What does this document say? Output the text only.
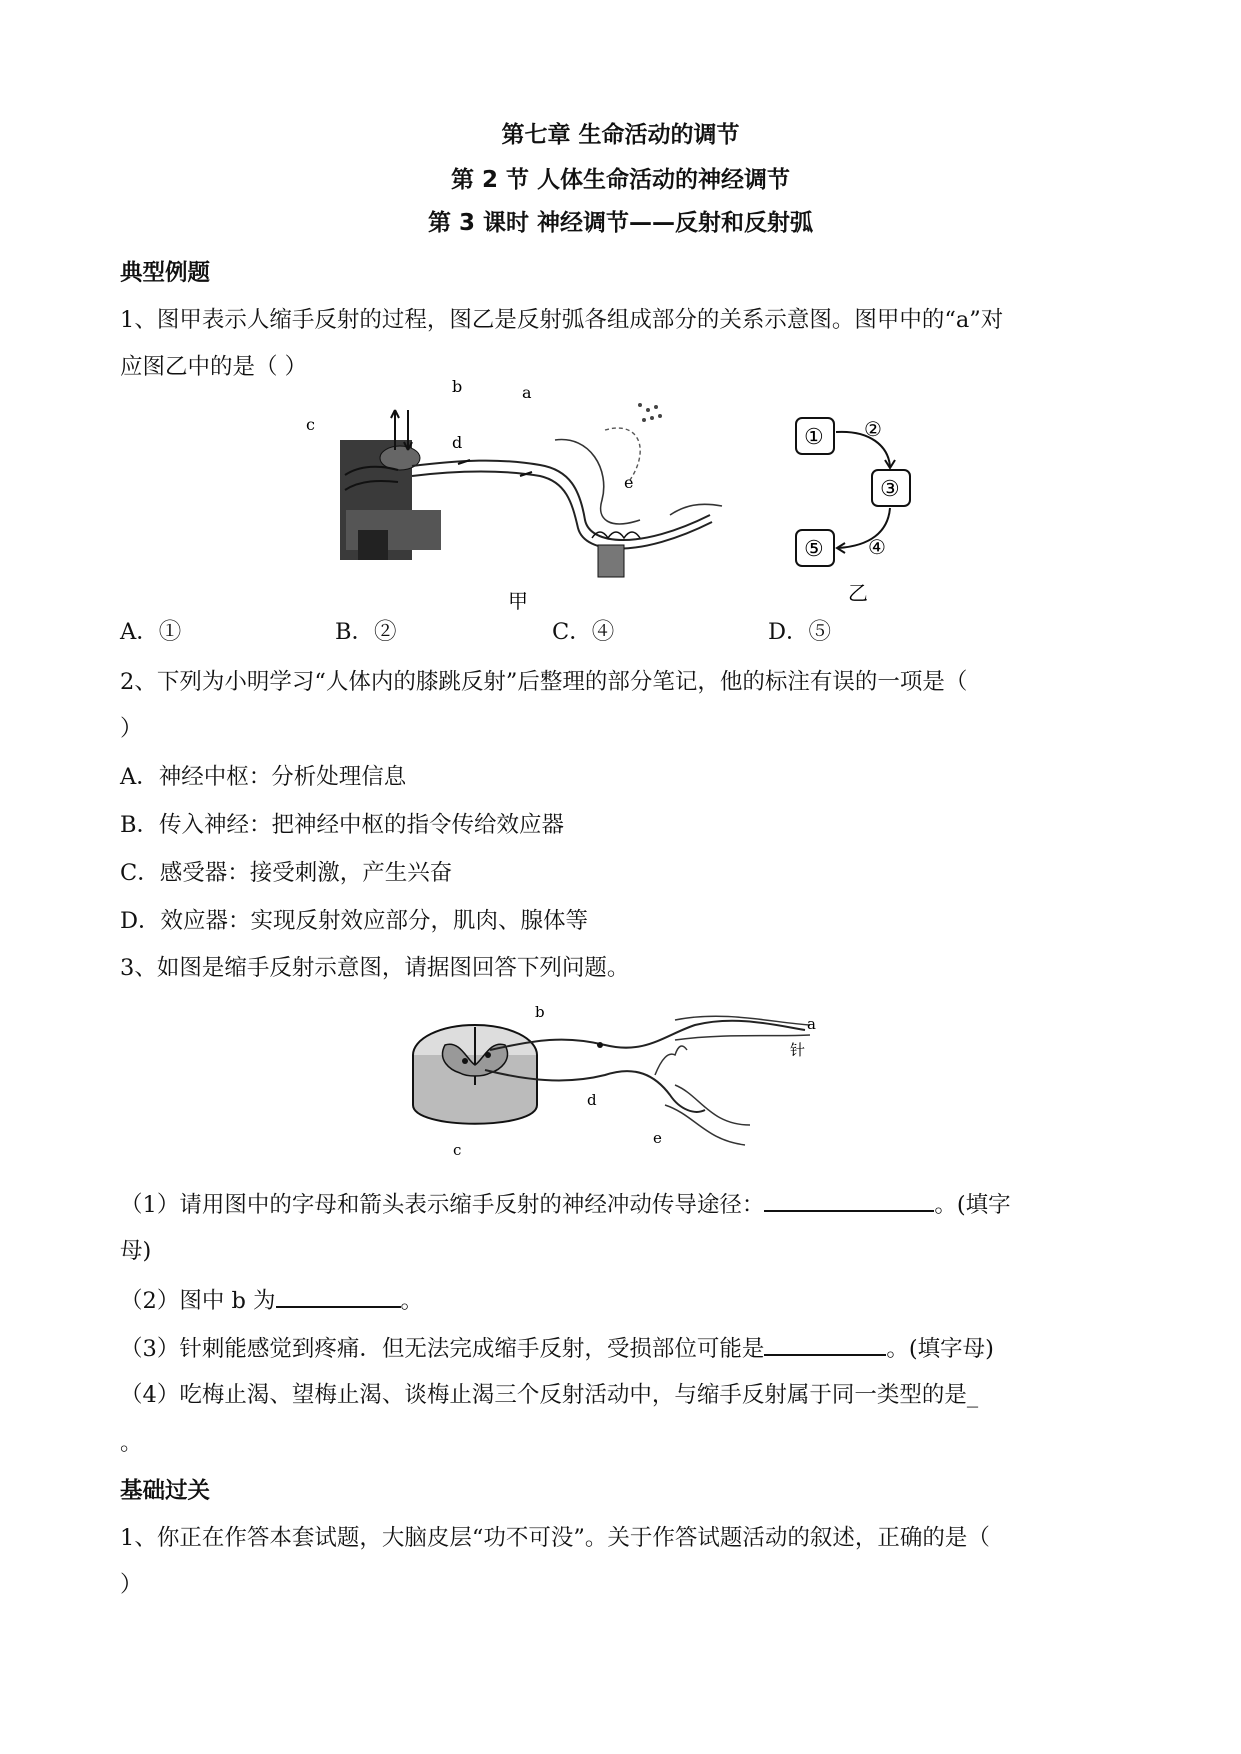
第七章 生命活动的调节
第 2 节 人体生命活动的神经调节
第 3 课时 神经调节——反射和反射弧
典型例题
1、图甲表示人缩手反射的过程，图乙是反射弧各组成部分的关系示意图。图甲中的“a”对
应图乙中的是（ ）
b
d
a
c
e
甲
① ②
③
④
⑤
乙
A．①	B．②	C．④	D．⑤
2、下列为小明学习“人体内的膝跳反射”后整理的部分笔记，他的标注有误的一项是（
）
A．神经中枢：分析处理信息
B．传入神经：把神经中枢的指令传给效应器
C．感受器：接受刺激，产生兴奋
D．效应器：实现反射效应部分，肌肉、腺体等
3、如图是缩手反射示意图，请据图回答下列问题。
b
d
c
e
a
针
（1）请用图中的字母和箭头表示缩手反射的神经冲动传导途径：	。(填字
母)
（2）图中 b 为	。
（3）针刺能感觉到疼痛．但无法完成缩手反射，受损部位可能是	。(填字母)
（4）吃梅止渴、望梅止渴、谈梅止渴三个反射活动中，与缩手反射属于同一类型的是_
。
基础过关
1、你正在作答本套试题，大脑皮层“功不可没”。关于作答试题活动的叙述，正确的是（
）
